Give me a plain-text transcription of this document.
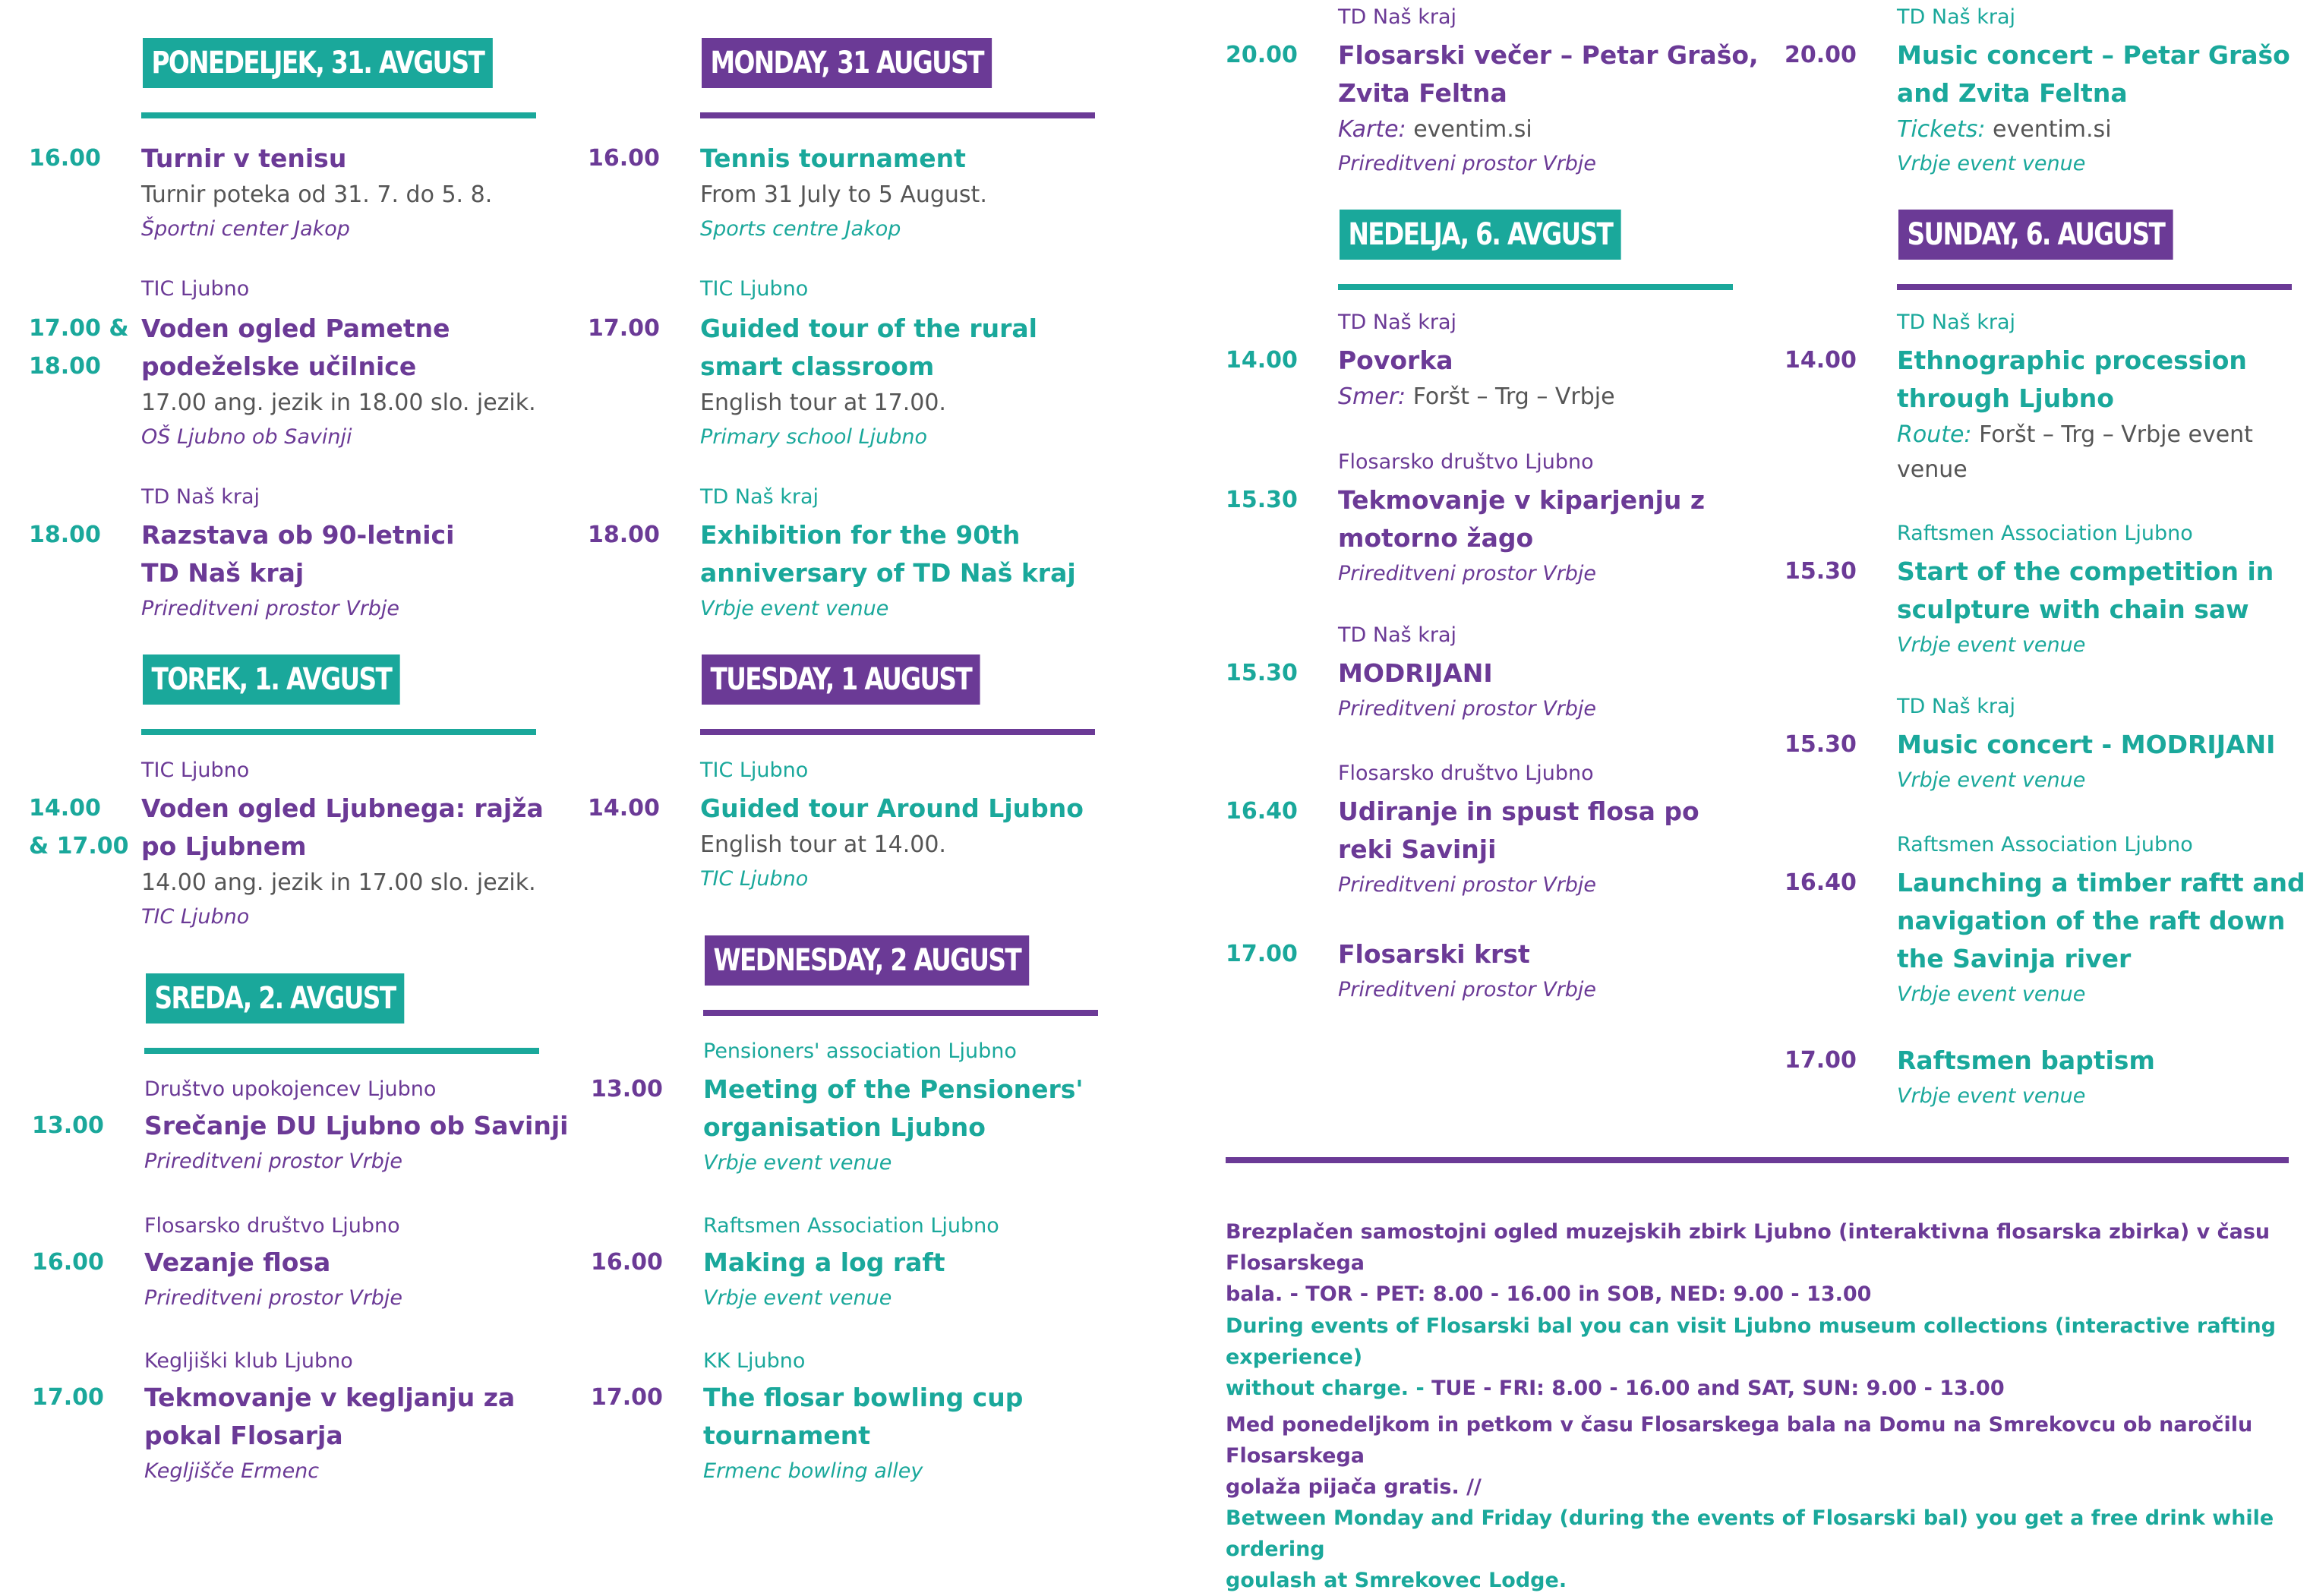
PONEDELJEK, 31. AVGUST
16.00 Turnir v tenisu
Turnir poteka od 31. 7. do 5. 8.
Športni center Jakop
TIC Ljubno
17.00 &
18.00
Voden ogled Pametne
podeželske učilnice
17.00 ang. jezik in 18.00 slo. jezik.
OŠ Ljubno ob Savinji
TD Naš kraj
18.00 Razstava ob 90-letnici
TD Naš kraj
Prireditveni prostor Vrbje
TOREK, 1. AVGUST
TIC Ljubno
14.00
& 17.00
Voden ogled Ljubnega: rajža
po Ljubnem
14.00 ang. jezik in 17.00 slo. jezik.
TIC Ljubno
SREDA, 2. AVGUST
Društvo upokojencev Ljubno
13.00 Srečanje DU Ljubno ob Savinji
Prireditveni prostor Vrbje
Flosarsko društvo Ljubno
16.00 Vezanje flosa
Prireditveni prostor Vrbje
Kegljiški klub Ljubno
17.00 Tekmovanje v kegljanju za
pokal Flosarja
Kegljišče Ermenc
MONDAY, 31 AUGUST
16.00 Tennis tournament
From 31 July to 5 August.
Sports centre Jakop
TIC Ljubno
17.00 Guided tour of the rural
smart classroom
English tour at 17.00.
Primary school Ljubno
TD Naš kraj
18.00 Exhibition for the 90th
anniversary of TD Naš kraj
Vrbje event venue
TUESDAY, 1 AUGUST
TIC Ljubno
14.00 Guided tour Around Ljubno
English tour at 14.00.
TIC Ljubno
WEDNESDAY, 2 AUGUST
Pensioners' association Ljubno
13.00 Meeting of the Pensioners'
organisation Ljubno
Vrbje event venue
Raftsmen Association Ljubno
16.00 Making a log raft
Vrbje event venue
KK Ljubno
17.00 The flosar bowling cup
tournament
Ermenc bowling alley
TD Naš kraj
20.00 Flosarski večer – Petar Grašo,
Zvita Feltna
Karte: eventim.si
Prireditveni prostor Vrbje
NEDELJA, 6. AVGUST
TD Naš kraj
14.00 Povorka
Smer: Foršt – Trg – Vrbje
Flosarsko društvo Ljubno
15.30 Tekmovanje v kiparjenju z
motorno žago
Prireditveni prostor Vrbje
TD Naš kraj
15.30 MODRIJANI
Prireditveni prostor Vrbje
Flosarsko društvo Ljubno
16.40 Udiranje in spust flosa po
reki Savinji
Prireditveni prostor Vrbje
17.00 Flosarski krst
Prireditveni prostor Vrbje
TD Naš kraj
20.00 Music concert – Petar Grašo
and Zvita Feltna
Tickets: eventim.si
Vrbje event venue
SUNDAY, 6. AUGUST
TD Naš kraj
14.00 Ethnographic procession
through Ljubno
Route: Foršt – Trg – Vrbje event
venue
Raftsmen Association Ljubno
15.30 Start of the competition in
sculpture with chain saw
Vrbje event venue
TD Naš kraj
15.30 Music concert - MODRIJANI
Vrbje event venue
Raftsmen Association Ljubno
16.40 Launching a timber raftt and
navigation of the raft down
the Savinja river
Vrbje event venue
17.00 Raftsmen baptism
Vrbje event venue
Brezplačen samostojni ogled muzejskih zbirk Ljubno (interaktivna flosarska zbirka) v času Flosarskega
bala. - TOR - PET: 8.00 - 16.00 in SOB, NED: 9.00 - 13.00
During events of Flosarski bal you can visit Ljubno museum collections (interactive rafting experience)
without charge. - TUE - FRI: 8.00 - 16.00 and SAT, SUN: 9.00 - 13.00
Med ponedeljkom in petkom v času Flosarskega bala na Domu na Smrekovcu ob naročilu Flosarskega
golaža pijača gratis. //
Between Monday and Friday (during the events of Flosarski bal) you get a free drink while ordering
goulash at Smrekovec Lodge.
